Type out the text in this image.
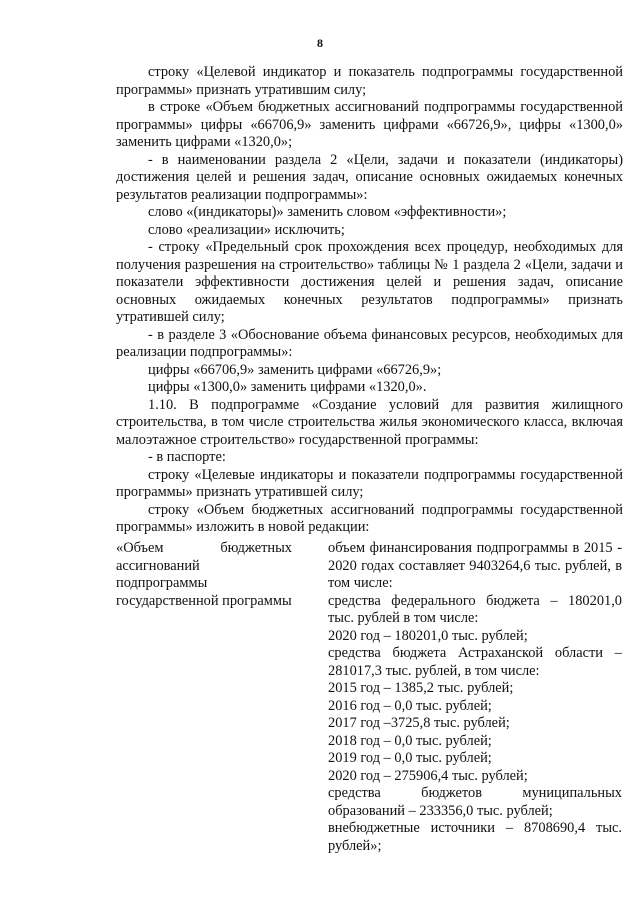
8

строку «Целевой индикатор и показатель подпрограммы государственной программы» признать утратившим силу;

в строке «Объем бюджетных ассигнований подпрограммы государственной программы» цифры «66706,9» заменить цифрами «66726,9», цифры «1300,0» заменить цифрами «1320,0»;

- в наименовании раздела 2 «Цели, задачи и показатели (индикаторы) достижения целей и решения задач, описание основных ожидаемых конечных результатов реализации подпрограммы»:

слово «(индикаторы)» заменить словом «эффективности»;

слово «реализации» исключить;

- строку «Предельный срок прохождения всех процедур, необходимых для получения разрешения на строительство» таблицы № 1 раздела 2 «Цели, задачи и показатели эффективности достижения целей и решения задач, описание основных ожидаемых конечных результатов подпрограммы» признать утратившей силу;

- в разделе 3 «Обоснование объема финансовых ресурсов, необходимых для реализации подпрограммы»:

цифры «66706,9» заменить цифрами «66726,9»;

цифры «1300,0» заменить цифрами «1320,0».

1.10. В подпрограмме «Создание условий для развития жилищного строительства, в том числе строительства жилья экономического класса, включая малоэтажное строительство» государственной программы:

- в паспорте:

строку «Целевые индикаторы и показатели подпрограммы государственной программы» признать утратившей силу;

строку «Объем бюджетных ассигнований подпрограммы государственной программы» изложить в новой редакции:

«Объем бюджетных ассигнований подпрограммы государственной программы
объем финансирования подпрограммы в 2015 - 2020 годах составляет 9403264,6 тыс. рублей, в том числе:
средства федерального бюджета – 180201,0 тыс. рублей в том числе:
2020 год – 180201,0 тыс. рублей;
средства бюджета Астраханской области – 281017,3 тыс. рублей, в том числе:
2015 год – 1385,2 тыс. рублей;
2016 год – 0,0 тыс. рублей;
2017 год –3725,8 тыс. рублей;
2018 год – 0,0 тыс. рублей;
2019 год – 0,0 тыс. рублей;
2020 год – 275906,4 тыс. рублей;
средства бюджетов муниципальных образований – 233356,0 тыс. рублей;
внебюджетные источники – 8708690,4 тыс. рублей»;
